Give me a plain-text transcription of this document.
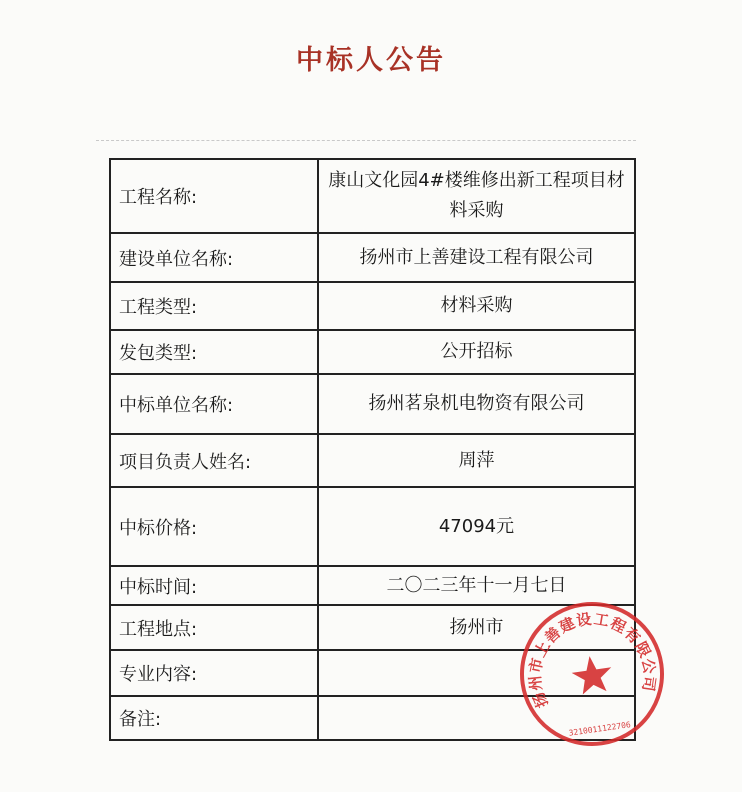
中标人公告
工程名称:	康山文化园4#楼维修出新工程项目材料采购
建设单位名称:	扬州市上善建设工程有限公司
工程类型:	材料采购
发包类型:	公开招标
中标单位名称:	扬州茗泉机电物资有限公司
项目负责人姓名:	周萍
中标价格:	47094元
中标时间:	二〇二三年十一月七日
工程地点:	扬州市
专业内容:	
备注:	
扬州市上善建设工程有限公司
3210011122706
